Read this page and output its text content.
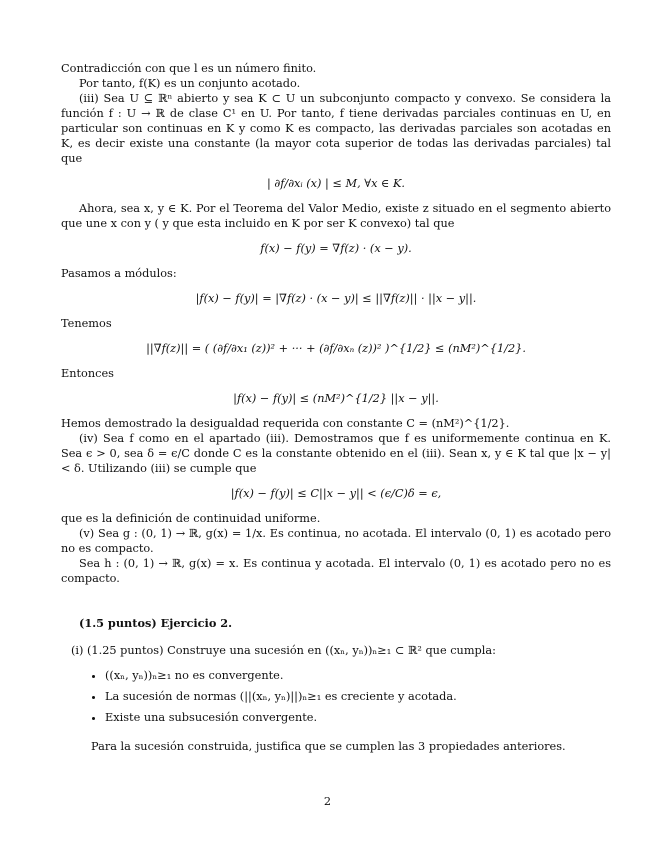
Contradicción con que l es un número finito.

Por tanto, f(K) es un conjunto acotado.

(iii) Sea U ⊆ ℝⁿ abierto y sea K ⊂ U un subconjunto compacto y convexo. Se considera la función f : U → ℝ de clase C¹ en U. Por tanto, f tiene derivadas parciales continuas en U, en particular son continuas en K y como K es compacto, las derivadas parciales son acotadas en K, es decir existe una constante (la mayor cota superior de todas las derivadas parciales) tal que

| ∂f/∂xᵢ (x) | ≤ M, ∀x ∈ K.

Ahora, sea x, y ∈ K. Por el Teorema del Valor Medio, existe z situado en el segmento abierto que une x con y ( y que esta incluido en K por ser K convexo) tal que

f(x) − f(y) = ∇f(z) · (x − y).

Pasamos a módulos:

|f(x) − f(y)| = |∇f(z) · (x − y)| ≤ ||∇f(z)|| · ||x − y||.

Tenemos

||∇f(z)|| = ( (∂f/∂x₁ (z))² + ··· + (∂f/∂xₙ (z))² )^{1/2} ≤ (nM²)^{1/2}.

Entonces

|f(x) − f(y)| ≤ (nM²)^{1/2} ||x − y||.

Hemos demostrado la desigualdad requerida con constante C = (nM²)^{1/2}.

(iv) Sea f como en el apartado (iii). Demostramos que f es uniformemente continua en K. Sea ϵ > 0, sea δ = ϵ/C donde C es la constante obtenido en el (iii). Sean x, y ∈ K tal que |x − y| < δ. Utilizando (iii) se cumple que

|f(x) − f(y)| ≤ C||x − y|| < (ϵ/C)δ = ϵ,

que es la definición de continuidad uniforme.

(v) Sea g : (0, 1) → ℝ, g(x) = 1/x. Es continua, no acotada. El intervalo (0, 1) es acotado pero no es compacto.

Sea h : (0, 1) → ℝ, g(x) = x. Es continua y acotada. El intervalo (0, 1) es acotado pero no es compacto.

(1.5 puntos) Ejercicio 2.

(i) (1.25 puntos) Construye una sucesión en ((xₙ, yₙ))ₙ≥₁ ⊂ ℝ² que cumpla:

• ((xₙ, yₙ))ₙ≥₁ no es convergente.
• La sucesión de normas (||(xₙ, yₙ)||)ₙ≥₁ es creciente y acotada.
• Existe una subsucesión convergente.

Para la sucesión construida, justifica que se cumplen las 3 propiedades anteriores.

2
